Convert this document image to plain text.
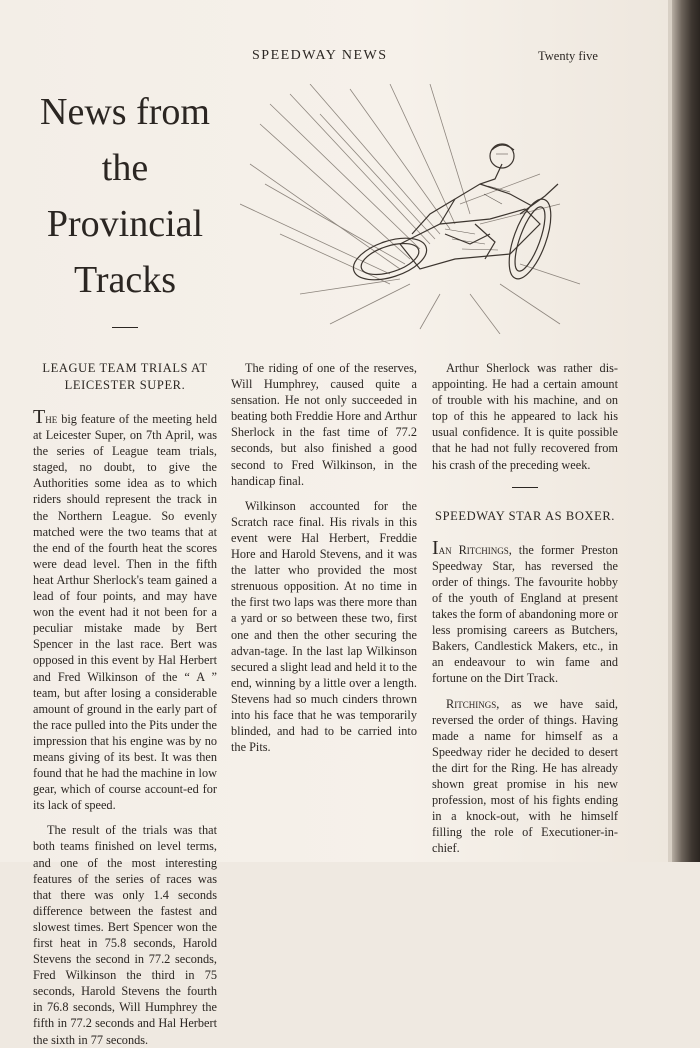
SPEEDWAY NEWS	Twenty five
News from
the
Provincial
Tracks
LEAGUE TEAM TRIALS AT LEICESTER SUPER.

The big feature of the meeting held at Leicester Super, on 7th April, was the series of League team trials, staged, no doubt, to give the Authorities some idea as to which riders should represent the track in the Northern League. So evenly matched were the two teams that at the end of the fourth heat the scores were dead level. Then in the fifth heat Arthur Sherlock's team gained a lead of four points, and may have won the event had it not been for a peculiar mistake made by Bert Spencer in the last race. Bert was opposed in this event by Hal Herbert and Fred Wilkinson of the “ A ” team, but after losing a considerable amount of ground in the early part of the race pulled into the Pits under the impression that his engine was by no means giving of its best. It was then found that he had the machine in low gear, which of course account-ed for its lack of speed.

The result of the trials was that both teams finished on level terms, and one of the most interesting features of the series of races was that there was only 1.4 seconds difference between the fastest and slowest times. Bert Spencer won the first heat in 75.8 seconds, Harold Stevens the second in 77.2 seconds, Fred Wilkinson the third in 75 seconds, Harold Stevens the fourth in 76.8 seconds, Will Humphrey the fifth in 77.2 seconds and Hal Herbert the sixth in 77 seconds.

The riding of one of the reserves, Will Humphrey, caused quite a sensation. He not only succeeded in beating both Freddie Hore and Arthur Sherlock in the fast time of 77.2 seconds, but also finished a good second to Fred Wilkinson, in the handicap final.

Wilkinson accounted for the Scratch race final. His rivals in this event were Hal Herbert, Freddie Hore and Harold Stevens, and it was the latter who provided the most strenuous opposition. At no time in the first two laps was there more than a yard or so between these two, first one and then the other securing the advan-tage. In the last lap Wilkinson secured a slight lead and held it to the end, winning by a little over a length. Stevens had so much cinders thrown into his face that he was temporarily blinded, and had to be carried into the Pits.

Arthur Sherlock was rather dis-appointing. He had a certain amount of trouble with his machine, and on top of this he appeared to lack his usual confidence. It is quite possible that he had not fully recovered from his crash of the preceding week.

SPEEDWAY STAR AS BOXER.

Ian Ritchings, the former Preston Speedway Star, has reversed the order of things. The favourite hobby of the youth of England at present takes the form of abandoning more or less promising careers as Butchers, Bakers, Candlestick Makers, etc., in an endeavour to win fame and fortune on the Dirt Track.

Ritchings, as we have said, reversed the order of things. Having made a name for himself as a Speedway rider he decided to desert the dirt for the Ring. He has already shown great promise in his new profession, most of his fights ending in a knock-out, with he himself filling the role of Executioner-in-chief.
